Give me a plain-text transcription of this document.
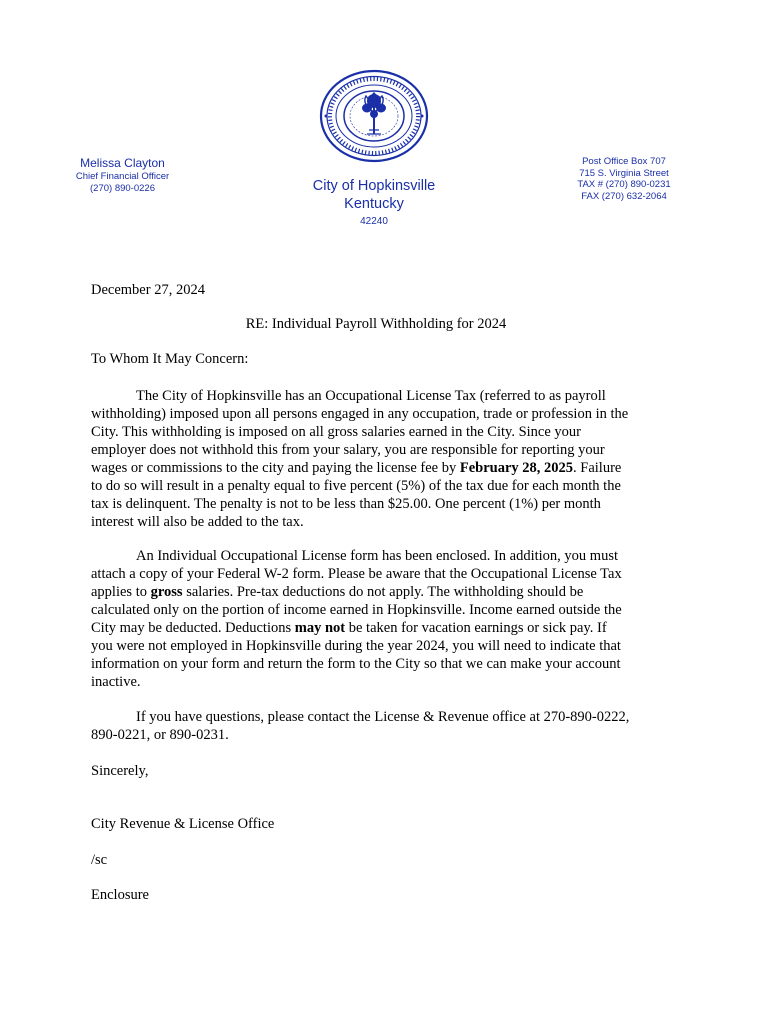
Melissa Clayton
Chief Financial Officer
(270) 890-0226	City of Hopkinsville
Kentucky
42240
Post Office Box 707
715 S. Virginia Street
TAX # (270) 890-0231
FAX (270) 632-2064
December 27, 2024
RE: Individual Payroll Withholding for 2024
To Whom It May Concern:
The City of Hopkinsville has an Occupational License Tax (referred to as payroll
withholding) imposed upon all persons engaged in any occupation, trade or profession in the
City. This withholding is imposed on all gross salaries earned in the City. Since your
employer does not withhold this from your salary, you are responsible for reporting your
wages or commissions to the city and paying the license fee by February 28, 2025. Failure
to do so will result in a penalty equal to five percent (5%) of the tax due for each month the
tax is delinquent. The penalty is not to be less than $25.00. One percent (1%) per month
interest will also be added to the tax.
An Individual Occupational License form has been enclosed. In addition, you must
attach a copy of your Federal W-2 form. Please be aware that the Occupational License Tax
applies to gross salaries. Pre-tax deductions do not apply. The withholding should be
calculated only on the portion of income earned in Hopkinsville. Income earned outside the
City may be deducted. Deductions may not be taken for vacation earnings or sick pay. If
you were not employed in Hopkinsville during the year 2024, you will need to indicate that
information on your form and return the form to the City so that we can make your account
inactive.
If you have questions, please contact the License & Revenue office at 270-890-0222,
890-0221, or 890-0231.
Sincerely,
City Revenue & License Office
/sc
Enclosure
